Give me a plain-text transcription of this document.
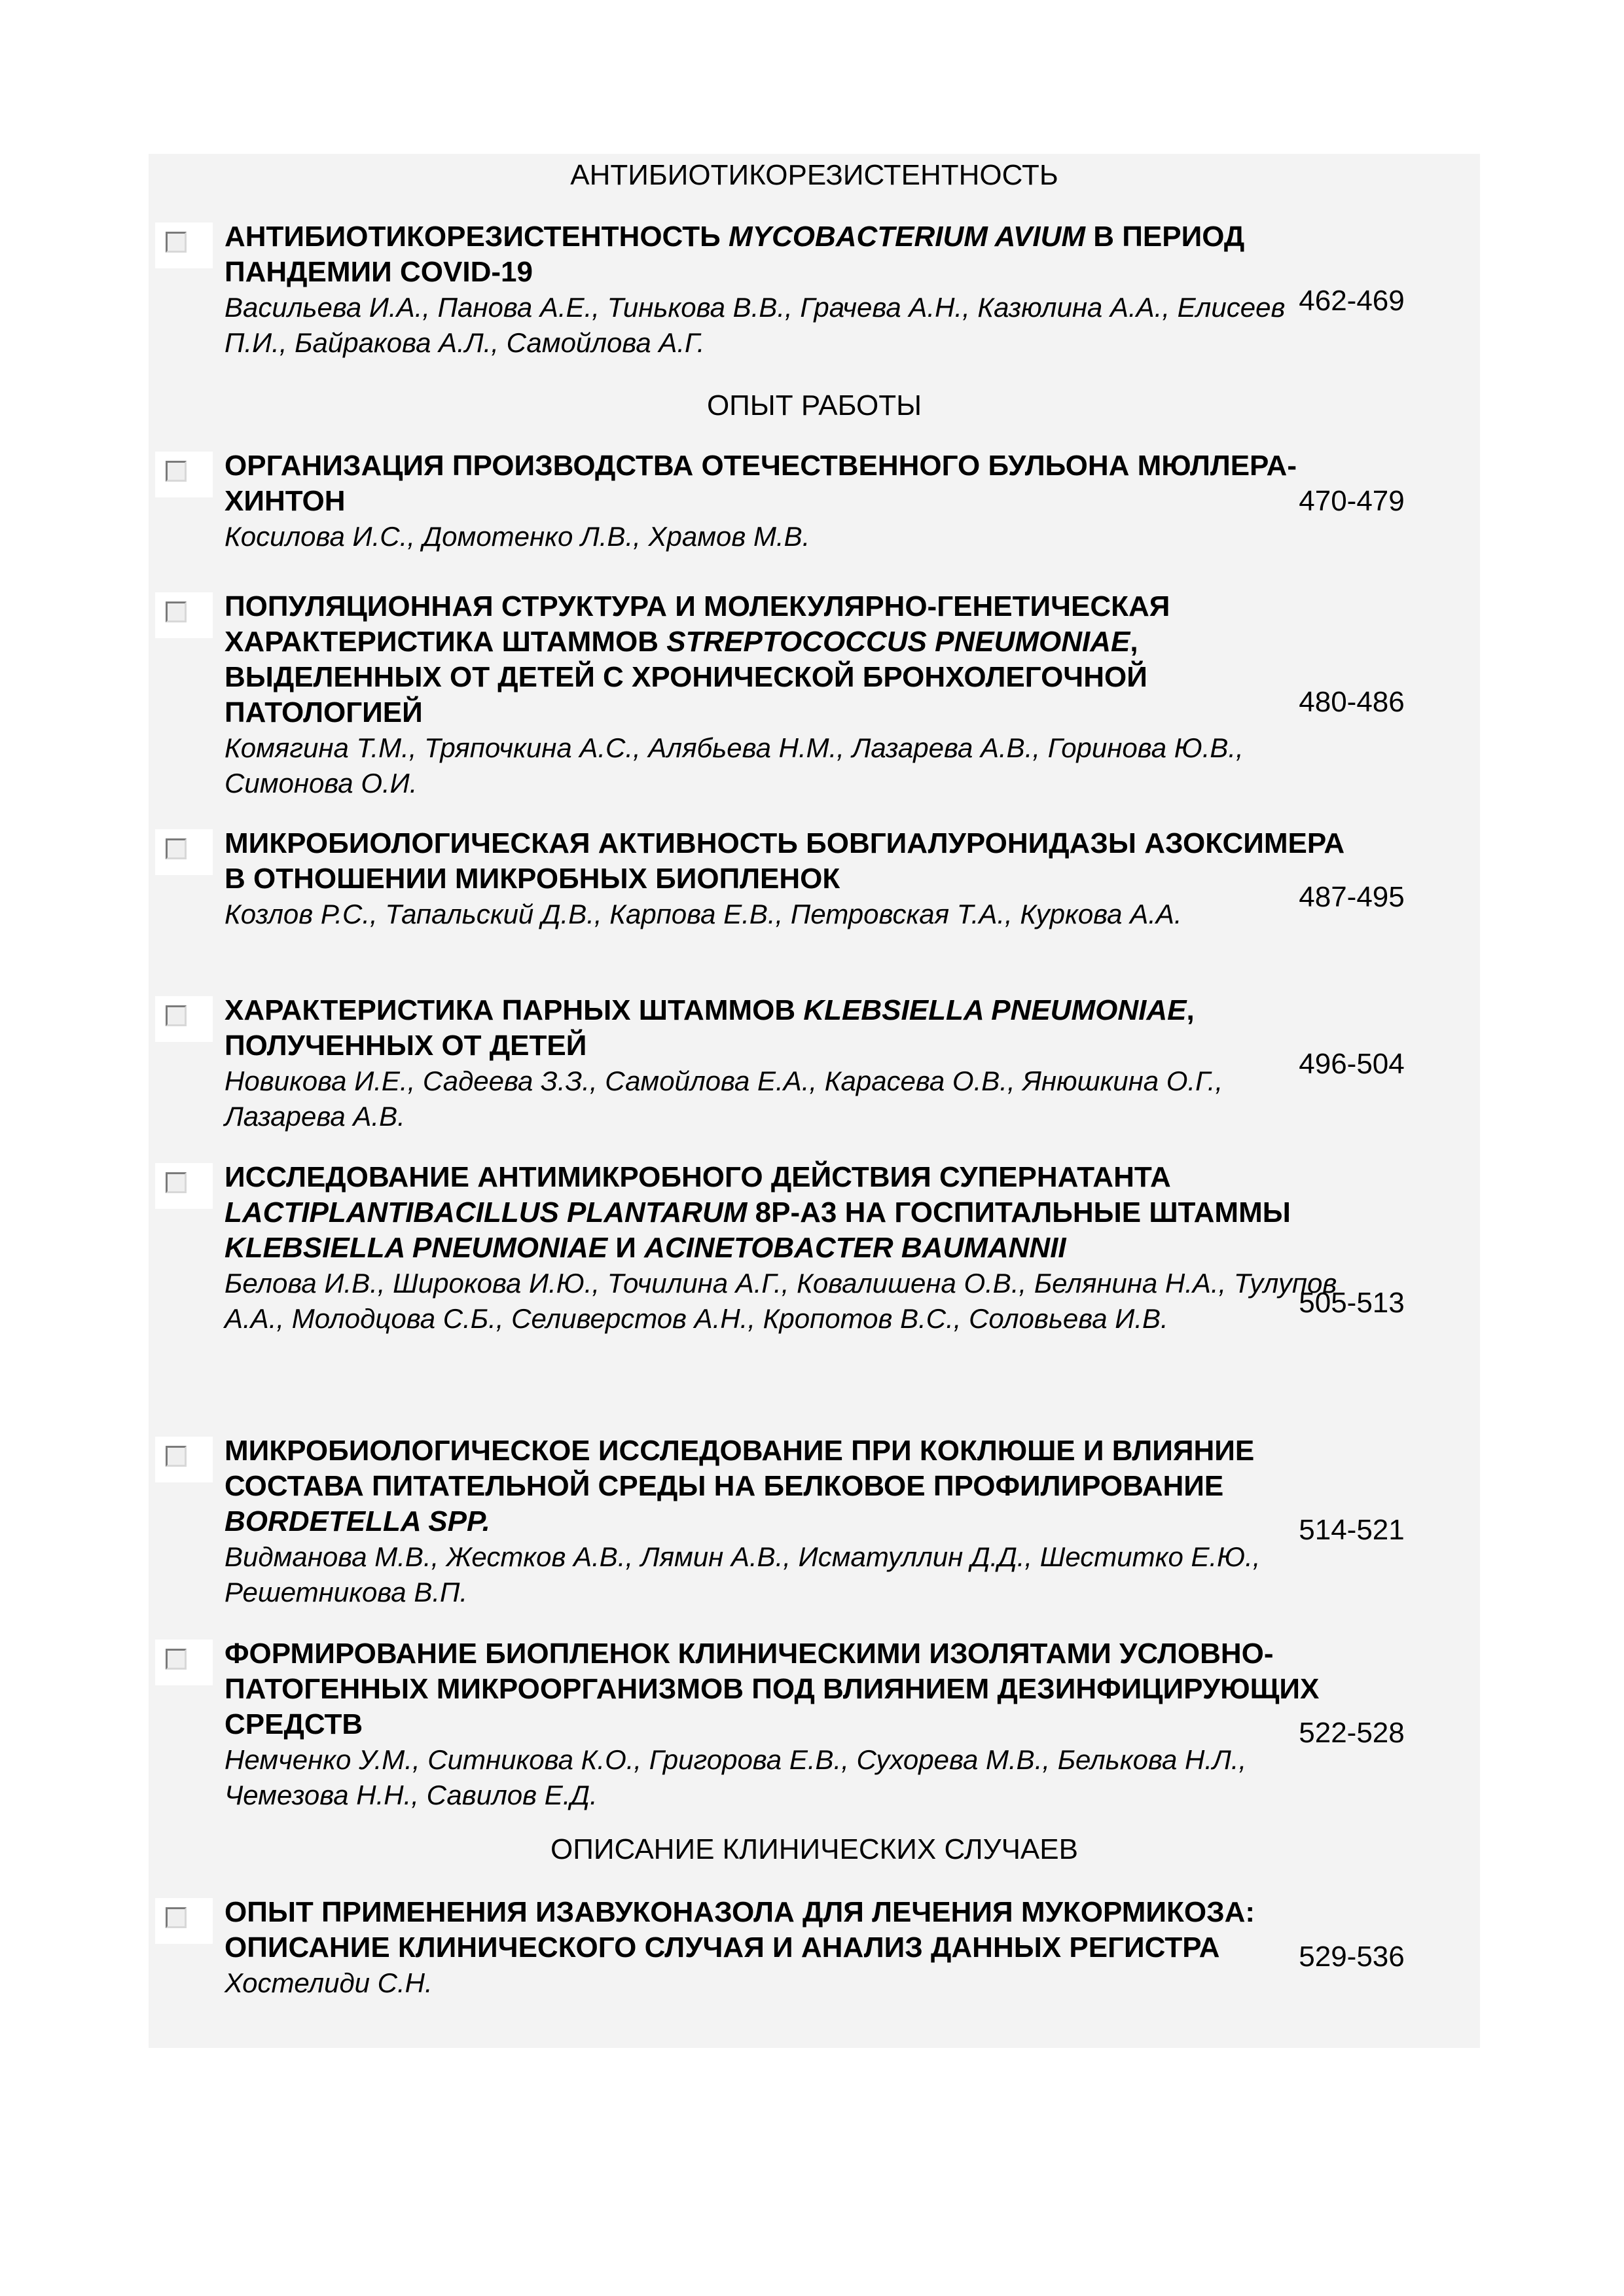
АНТИБИОТИКОРЕЗИСТЕНТНОСТЬ
АНТИБИОТИКОРЕЗИСТЕНТНОСТЬ MYCOBACTERIUM AVIUM В ПЕРИОД ПАНДЕМИИ COVID-19
Васильева И.А., Панова А.Е., Тинькова В.В., Грачева А.Н., Казюлина А.А., Елисеев П.И., Байракова А.Л., Самойлова А.Г.
462-469
ОПЫТ РАБОТЫ
ОРГАНИЗАЦИЯ ПРОИЗВОДСТВА ОТЕЧЕСТВЕННОГО БУЛЬОНА МЮЛЛЕРА-ХИНТОН
Косилова И.С., Домотенко Л.В., Храмов М.В.
470-479
ПОПУЛЯЦИОННАЯ СТРУКТУРА И МОЛЕКУЛЯРНО-ГЕНЕТИЧЕСКАЯ ХАРАКТЕРИСТИКА ШТАММОВ STREPTOCOCCUS PNEUMONIAE, ВЫДЕЛЕННЫХ ОТ ДЕТЕЙ С ХРОНИЧЕСКОЙ БРОНХОЛЕГОЧНОЙ ПАТОЛОГИЕЙ
Комягина Т.М., Тряпочкина А.С., Алябьева Н.М., Лазарева А.В., Горинова Ю.В., Симонова О.И.
480-486
МИКРОБИОЛОГИЧЕСКАЯ АКТИВНОСТЬ БОВГИАЛУРОНИДАЗЫ АЗОКСИМЕРА В ОТНОШЕНИИ МИКРОБНЫХ БИОПЛЕНОК
Козлов Р.С., Тапальский Д.В., Карпова Е.В., Петровская Т.А., Куркова А.А.
487-495
ХАРАКТЕРИСТИКА ПАРНЫХ ШТАММОВ KLEBSIELLA PNEUMONIAE, ПОЛУЧЕННЫХ ОТ ДЕТЕЙ
Новикова И.Е., Садеева З.З., Самойлова Е.А., Карасева О.В., Янюшкина О.Г., Лазарева А.В.
496-504
ИССЛЕДОВАНИЕ АНТИМИКРОБНОГО ДЕЙСТВИЯ СУПЕРНАТАНТА LACTIPLANTIBACILLUS PLANTARUM 8Р-А3 НА ГОСПИТАЛЬНЫЕ ШТАММЫ KLEBSIELLA PNEUMONIAE И ACINETOBACTER BAUMANNII
Белова И.В., Широкова И.Ю., Точилина А.Г., Ковалишена О.В., Белянина Н.А., Тулупов А.А., Молодцова С.Б., Селиверстов А.Н., Кропотов В.С., Соловьева И.В.	505-513
МИКРОБИОЛОГИЧЕСКОЕ ИССЛЕДОВАНИЕ ПРИ КОКЛЮШЕ И ВЛИЯНИЕ СОСТАВА ПИТАТЕЛЬНОЙ СРЕДЫ НА БЕЛКОВОЕ ПРОФИЛИРОВАНИЕ BORDETELLA SPP.
Видманова М.В., Жестков А.В., Лямин А.В., Исматуллин Д.Д., Шеститко Е.Ю., Решетникова В.П.
514-521
ФОРМИРОВАНИЕ БИОПЛЕНОК КЛИНИЧЕСКИМИ ИЗОЛЯТАМИ УСЛОВНО-ПАТОГЕННЫХ МИКРООРГАНИЗМОВ ПОД ВЛИЯНИЕМ ДЕЗИНФИЦИРУЮЩИХ СРЕДСТВ
Немченко У.М., Ситникова К.О., Григорова Е.В., Сухорева М.В., Белькова Н.Л., Чемезова Н.Н., Савилов Е.Д.
522-528
ОПИСАНИЕ КЛИНИЧЕСКИХ СЛУЧАЕВ
ОПЫТ ПРИМЕНЕНИЯ ИЗАВУКОНАЗОЛА ДЛЯ ЛЕЧЕНИЯ МУКОРМИКОЗА: ОПИСАНИЕ КЛИНИЧЕСКОГО СЛУЧАЯ И АНАЛИЗ ДАННЫХ РЕГИСТРА
Хостелиди С.Н.
529-536
